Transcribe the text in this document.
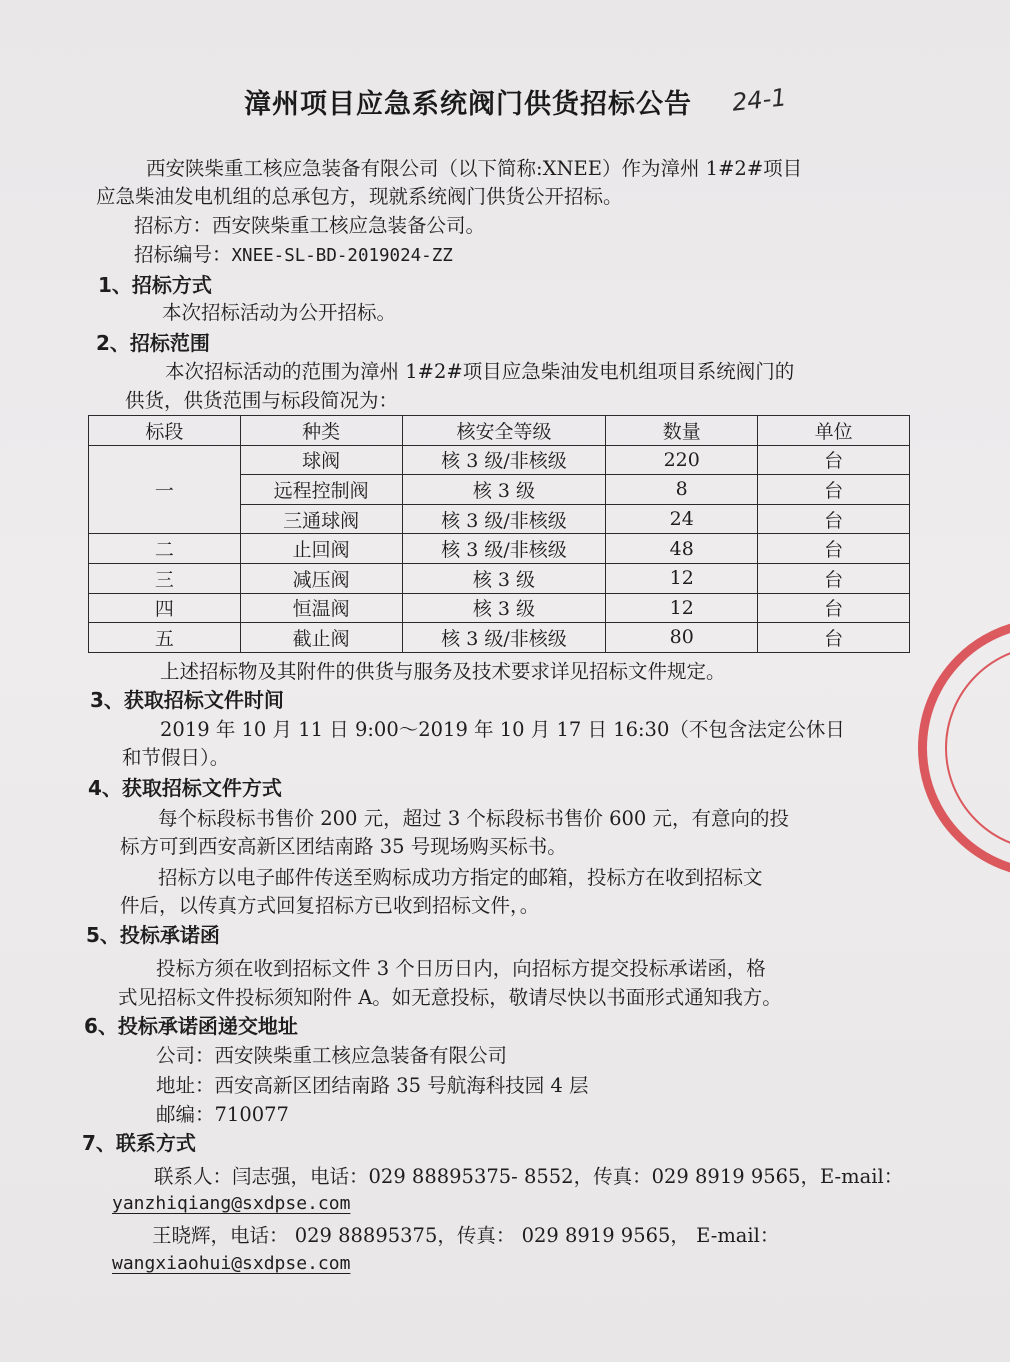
漳州项目应急系统阀门供货招标公告 24-1
西安陕柴重工核应急装备有限公司（以下简称:XNEE）作为漳州 1#2#项目
应急柴油发电机组的总承包方，现就系统阀门供货公开招标。
招标方：西安陕柴重工核应急装备公司。
招标编号：XNEE-SL-BD-2019024-ZZ
1、招标方式
本次招标活动为公开招标。
2、招标范围
本次招标活动的范围为漳州 1#2#项目应急柴油发电机组项目系统阀门的
供货，供货范围与标段简况为：
标段	种类	核安全等级	数量	单位
一	球阀	核 3 级/非核级	220	台
	远程控制阀	核 3 级	8	台
	三通球阀	核 3 级/非核级	24	台
二	止回阀	核 3 级/非核级	48	台
三	减压阀	核 3 级	12	台
四	恒温阀	核 3 级	12	台
五	截止阀	核 3 级/非核级	80	台
上述招标物及其附件的供货与服务及技术要求详见招标文件规定。
3、获取招标文件时间
2019 年 10 月 11 日 9:00～2019 年 10 月 17 日 16:30（不包含法定公休日
和节假日）。
4、获取招标文件方式
每个标段标书售价 200 元，超过 3 个标段标书售价 600 元，有意向的投
标方可到西安高新区团结南路 35 号现场购买标书。
招标方以电子邮件传送至购标成功方指定的邮箱，投标方在收到招标文
件后，以传真方式回复招标方已收到招标文件，。
5、投标承诺函
投标方须在收到招标文件 3 个日历日内，向招标方提交投标承诺函，格
式见招标文件投标须知附件 A。如无意投标，敬请尽快以书面形式通知我方。
6、投标承诺函递交地址
公司：西安陕柴重工核应急装备有限公司
地址：西安高新区团结南路 35 号航海科技园 4 层
邮编：710077
7、联系方式
联系人：闫志强，电话：029 88895375- 8552，传真：029 8919 9565，E-mail：
yanzhiqiang@sxdpse.com
王晓辉，电话： 029 88895375，传真： 029 8919 9565， E-mail：
wangxiaohui@sxdpse.com
